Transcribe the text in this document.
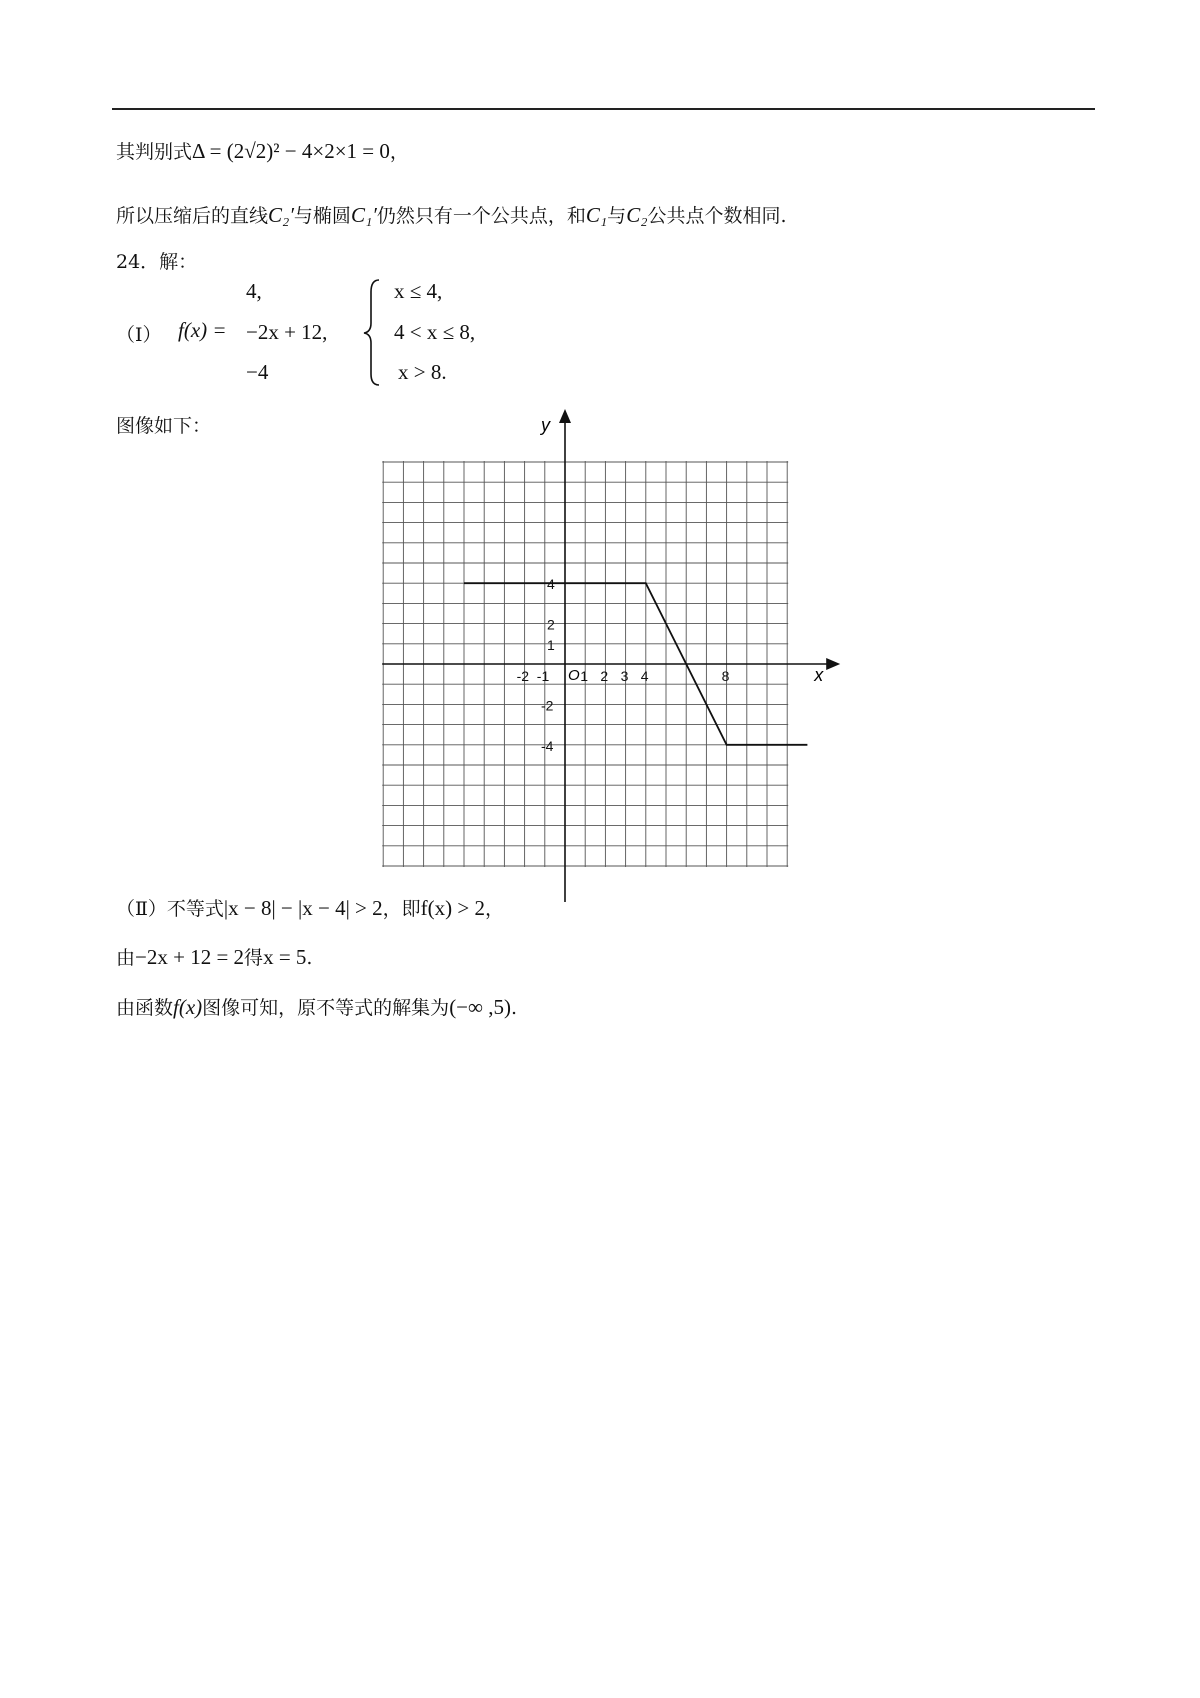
其判别式Δ = (2√2)² − 4×2×1 = 0，
所以压缩后的直线C₂′与椭圆C₁′仍然只有一个公共点，和C₁与C₂公共点个数相同.
24．解：
（Ⅰ） f(x) =
4,	x ≤ 4,
−2x + 12,	4 < x ≤ 8,
−4	x > 8.
图像如下：
x
y
O
-2 -1 1 2 3 4	8
4
2
1
-2
-4
（Ⅱ）不等式|x − 8| − |x − 4| > 2，即f(x) > 2，
由−2x + 12 = 2得x = 5.
由函数f(x)图像可知，原不等式的解集为(−∞ ,5).
